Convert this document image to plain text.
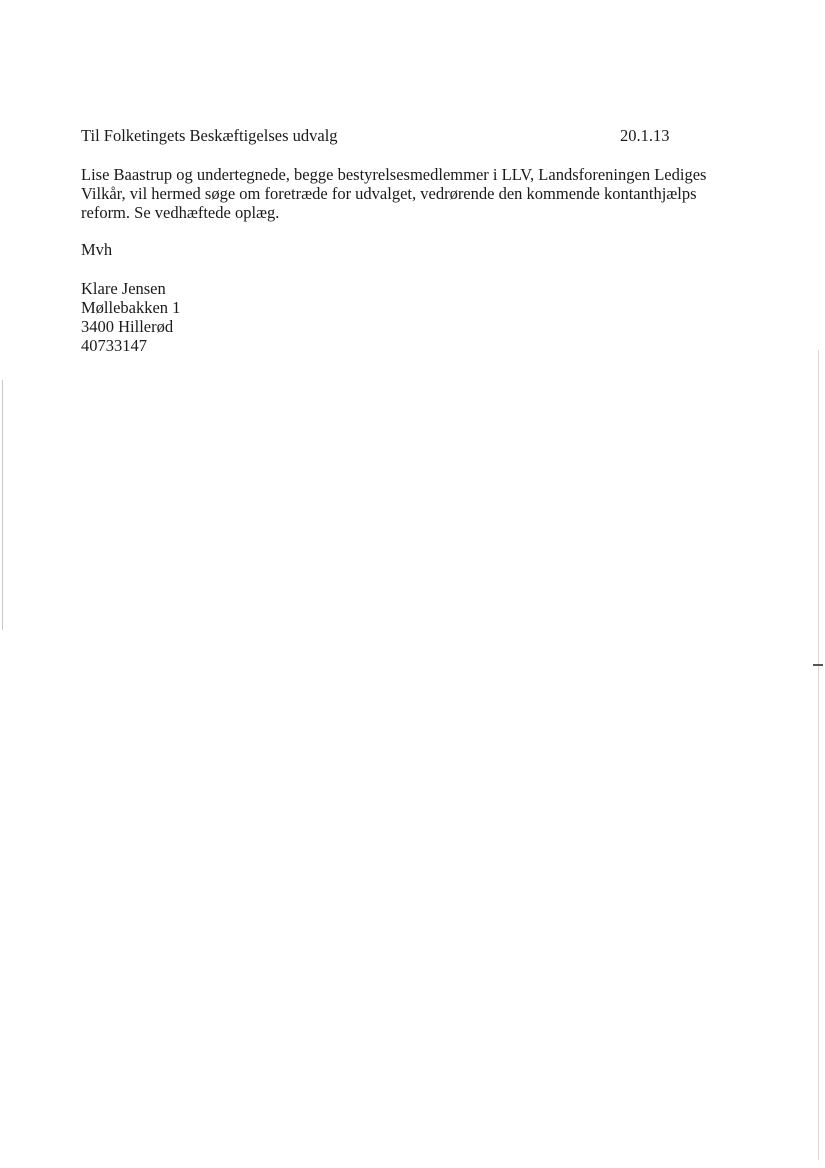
Til Folketingets Beskæftigelses udvalg	20.1.13
Lise Baastrup og undertegnede, begge bestyrelsesmedlemmer i LLV, Landsforeningen Lediges
Vilkår, vil hermed søge om foretræde for udvalget, vedrørende den kommende kontanthjælps
reform. Se vedhæftede oplæg.
Mvh
Klare Jensen
Møllebakken 1
3400 Hillerød
40733147
